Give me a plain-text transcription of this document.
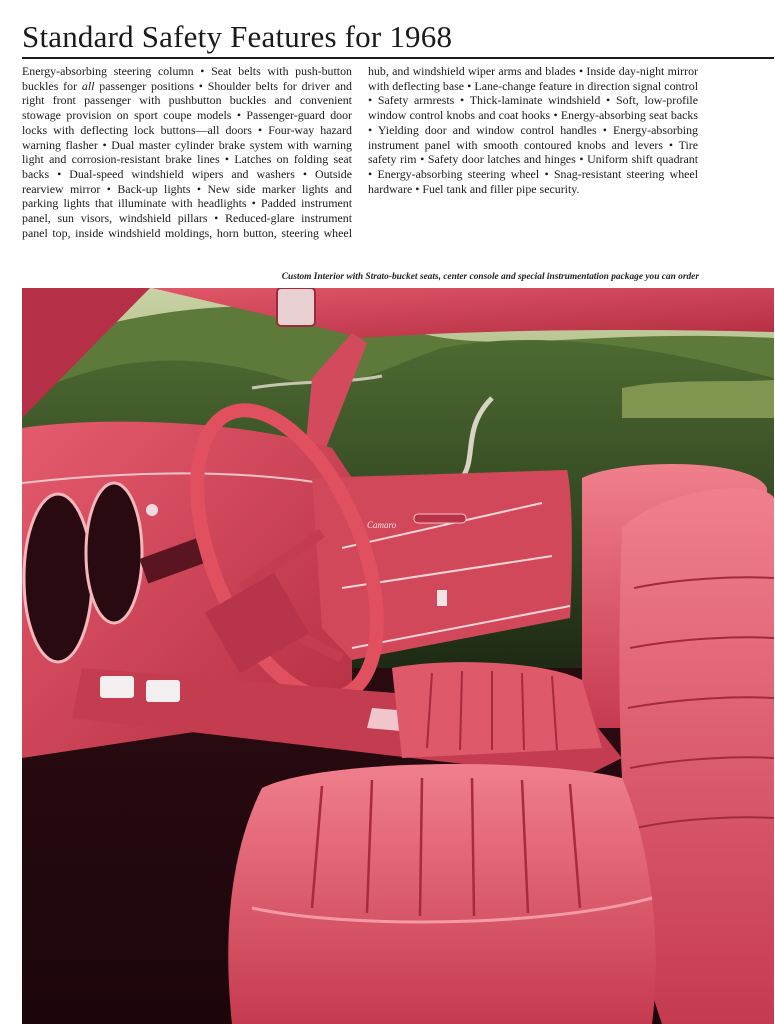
Standard Safety Features for 1968
Energy-absorbing steering column • Seat belts with push-button buckles for all passenger positions • Shoulder belts for driver and right front passenger with pushbutton buckles and convenient stowage provision on sport coupe models • Passenger-guard door locks with deflecting lock buttons—all doors • Four-way hazard warning flasher • Dual master cylinder brake system with warning light and corrosion-resistant brake lines • Latches on folding seat backs • Dual-speed windshield wipers and washers • Outside rearview mirror • Back-up lights • New side marker lights and parking lights that illuminate with headlights • Padded instrument panel, sun visors, windshield pillars • Reduced-glare instrument panel top, inside windshield moldings, horn button, steering wheel hub, and windshield wiper arms and blades • Inside day-night mirror with deflecting base • Lane-change feature in direction signal control • Safety armrests • Thick-laminate windshield • Soft, low-profile window control knobs and coat hooks • Energy-absorbing seat backs • Yielding door and window control handles • Energy-absorbing instrument panel with smooth contoured knobs and levers • Tire safety rim • Safety door latches and hinges • Uniform shift quadrant • Energy-absorbing steering wheel • Snag-resistant steering wheel hardware • Fuel tank and filler pipe security.
Custom Interior with Strato-bucket seats, center console and special instrumentation package you can order
Camaro
